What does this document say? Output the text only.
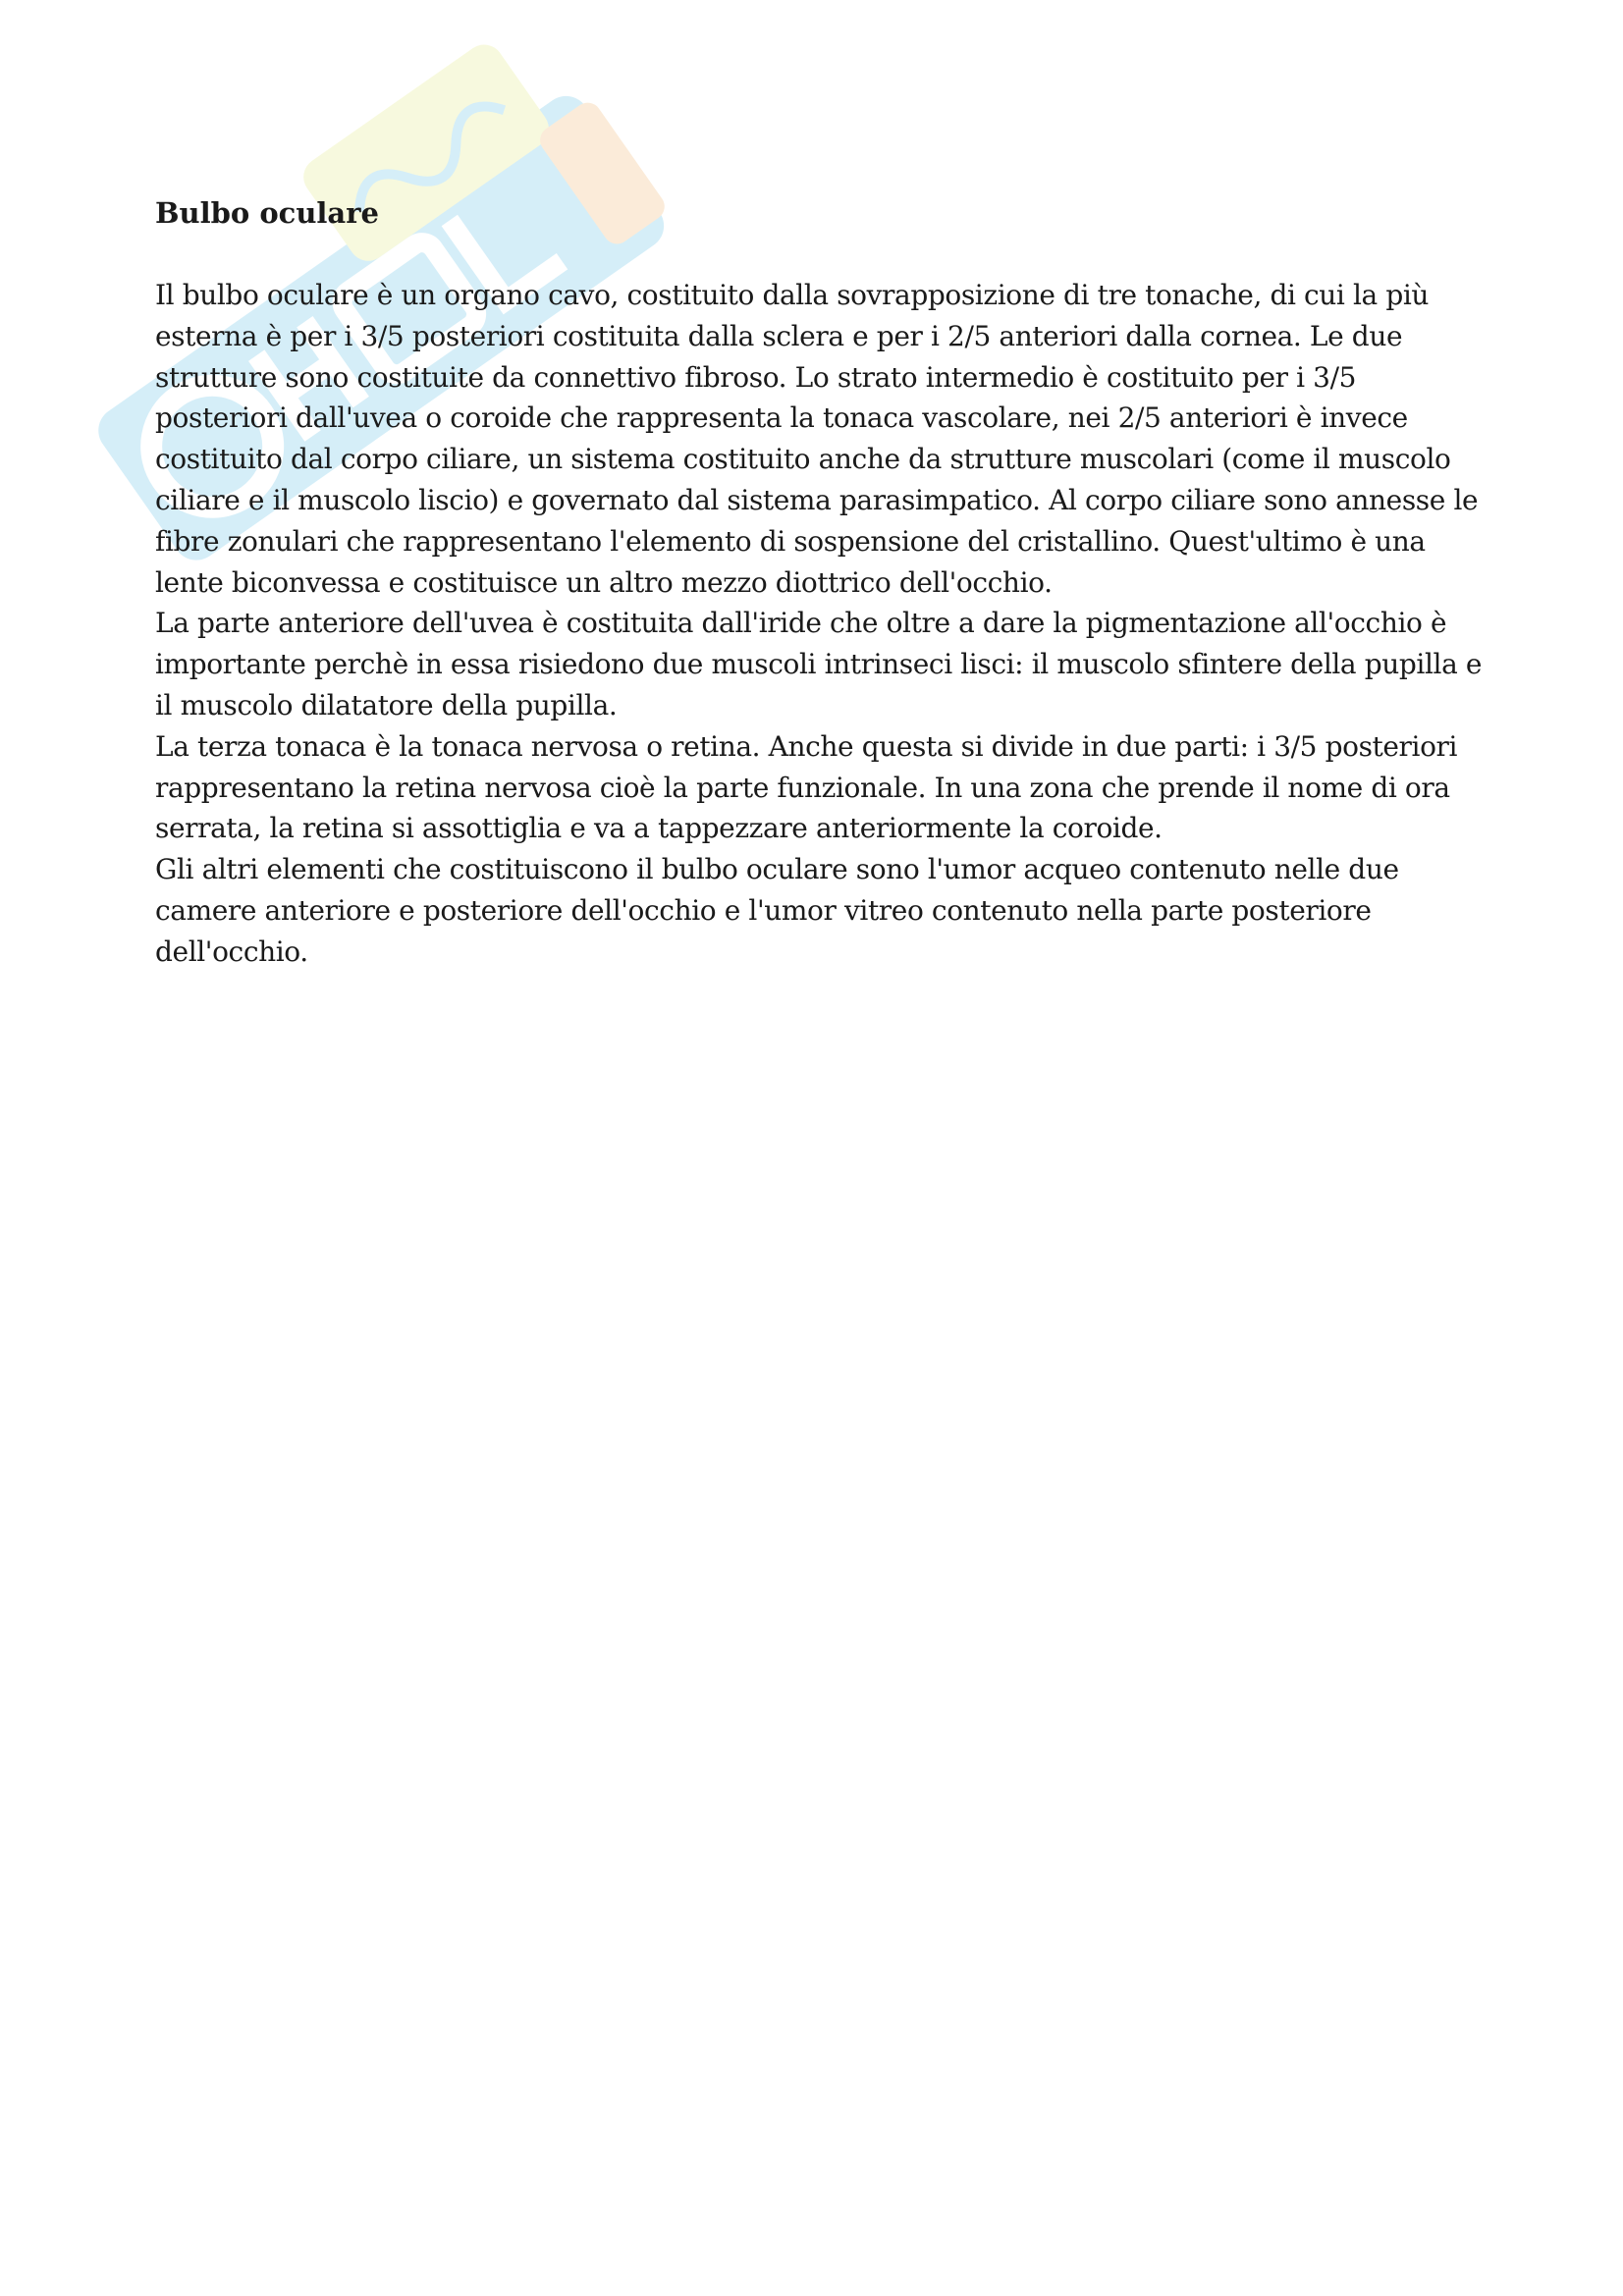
Bulbo oculare

Il bulbo oculare è un organo cavo, costituito dalla sovrapposizione di tre tonache, di cui la più esterna è per i 3/5 posteriori costituita dalla sclera e per i 2/5 anteriori dalla cornea. Le due strutture sono costituite da connettivo fibroso. Lo strato intermedio è costituito per i 3/5 posteriori dall'uvea o coroide che rappresenta la tonaca vascolare, nei 2/5 anteriori è invece costituito dal corpo ciliare, un sistema costituito anche da strutture muscolari (come il muscolo ciliare e il muscolo liscio) e governato dal sistema parasimpatico. Al corpo ciliare sono annesse le fibre zonulari che rappresentano l'elemento di sospensione del cristallino. Quest'ultimo è una lente biconvessa e costituisce un altro mezzo diottrico dell'occhio.

La parte anteriore dell'uvea è costituita dall'iride che oltre a dare la pigmentazione all'occhio è importante perchè in essa risiedono due muscoli intrinseci lisci: il muscolo sfintere della pupilla e il muscolo dilatatore della pupilla.

La terza tonaca è la tonaca nervosa o retina. Anche questa si divide in due parti: i 3/5 posteriori rappresentano la retina nervosa cioè la parte funzionale. In una zona che prende il nome di ora serrata, la retina si assottiglia e va a tappezzare anteriormente la coroide.

Gli altri elementi che costituiscono il bulbo oculare sono l'umor acqueo contenuto nelle due camere anteriore e posteriore dell'occhio e l'umor vitreo contenuto nella parte posteriore dell'occhio.
